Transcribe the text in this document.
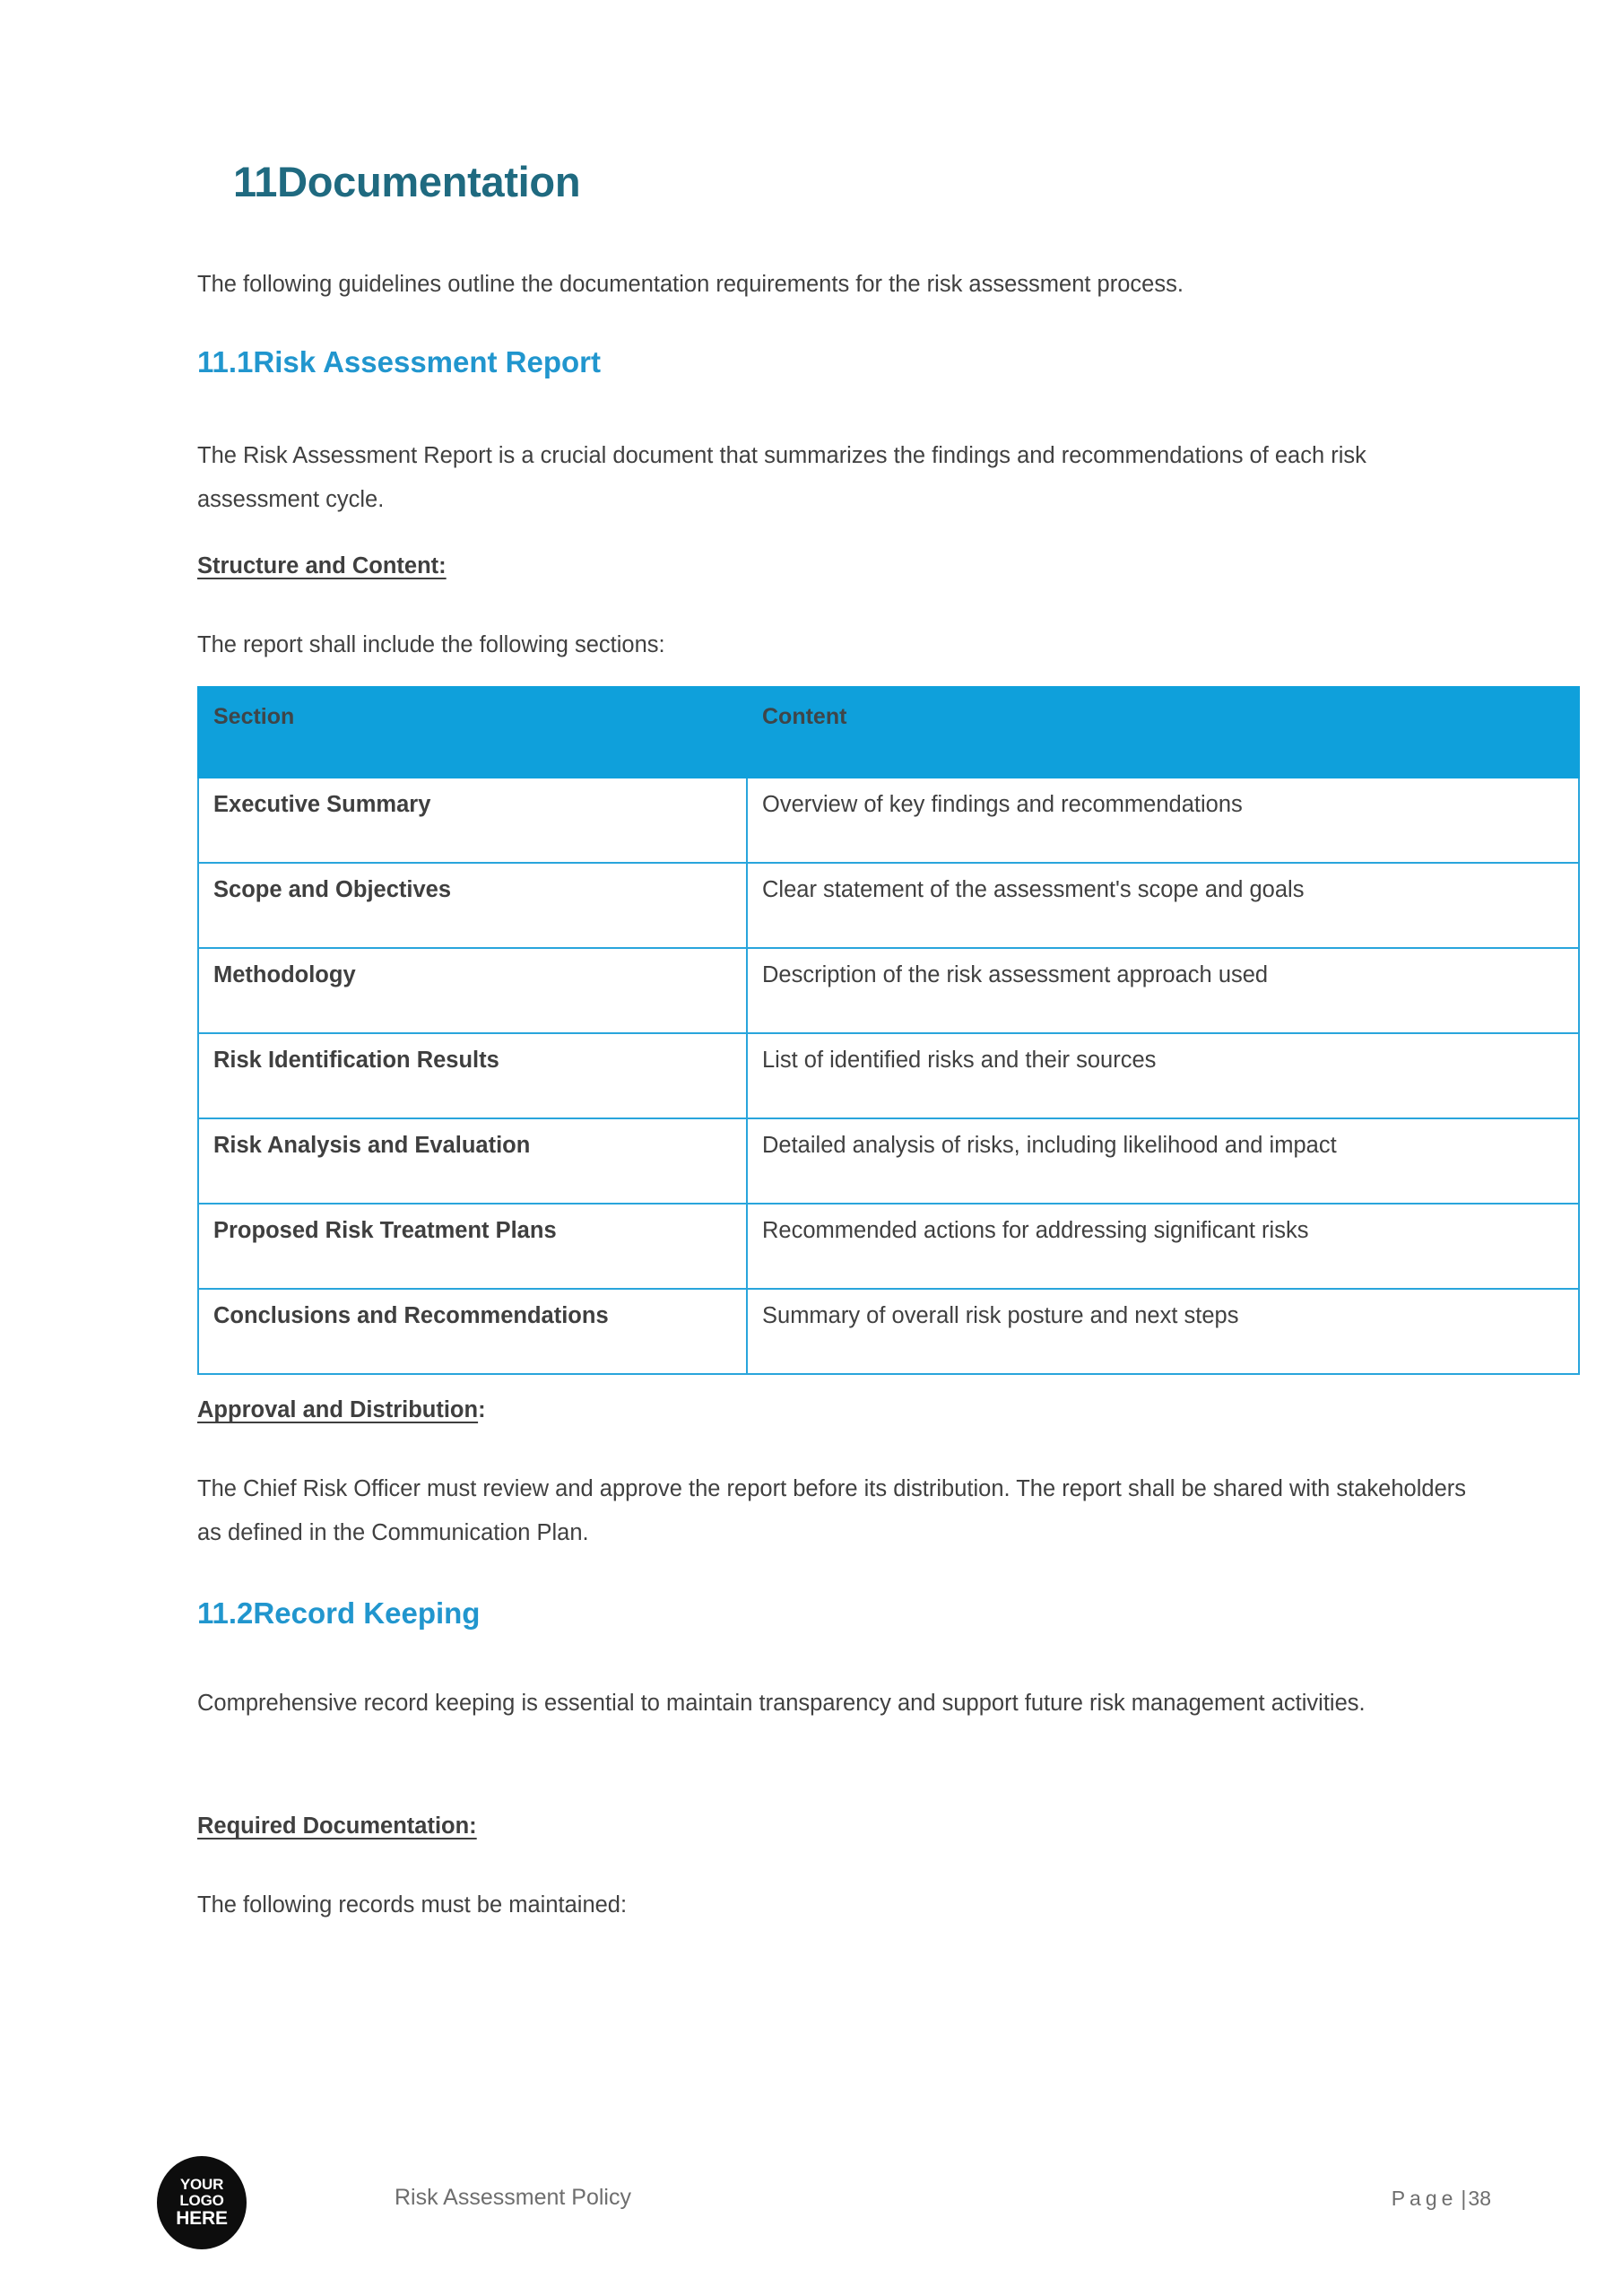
11Documentation

The following guidelines outline the documentation requirements for the risk assessment process.

11.1Risk Assessment Report

The Risk Assessment Report is a crucial document that summarizes the findings and recommendations of each risk assessment cycle.

Structure and Content:

The report shall include the following sections:

Section	Content
Executive Summary	Overview of key findings and recommendations
Scope and Objectives	Clear statement of the assessment's scope and goals
Methodology	Description of the risk assessment approach used
Risk Identification Results	List of identified risks and their sources
Risk Analysis and Evaluation	Detailed analysis of risks, including likelihood and impact
Proposed Risk Treatment Plans	Recommended actions for addressing significant risks
Conclusions and Recommendations	Summary of overall risk posture and next steps

Approval and Distribution:

The Chief Risk Officer must review and approve the report before its distribution. The report shall be shared with stakeholders as defined in the Communication Plan.

11.2Record Keeping

Comprehensive record keeping is essential to maintain transparency and support future risk management activities.

Required Documentation:

The following records must be maintained:

YOUR
LOGO
HERE
Risk Assessment Policy	Page |38
